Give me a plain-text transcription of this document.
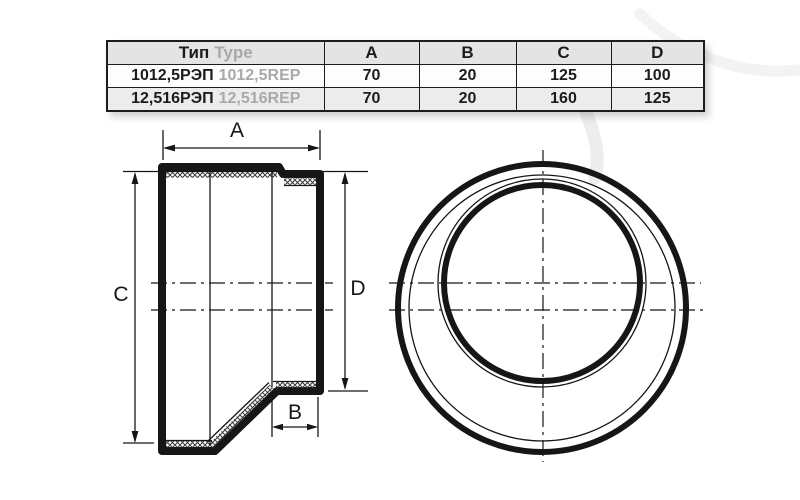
A
C	D
B
Тип Type	A	B	C	D
1012,5РЭП 1012,5REP	70	20	125	100
12,516РЭП 12,516REP	70	20	160	125
